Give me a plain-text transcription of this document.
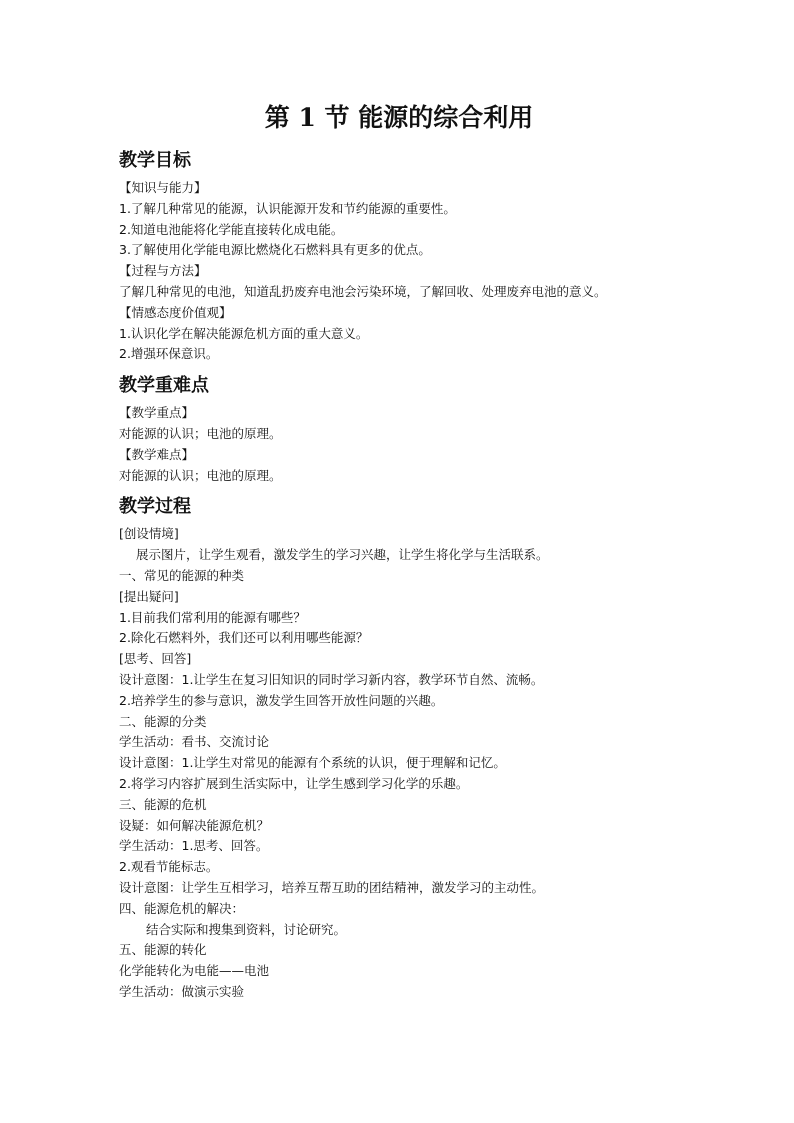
第 1 节 能源的综合利用
教学目标
【知识与能力】
1.了解几种常见的能源，认识能源开发和节约能源的重要性。
2.知道电池能将化学能直接转化成电能。
3.了解使用化学能电源比燃烧化石燃料具有更多的优点。
【过程与方法】
了解几种常见的电池，知道乱扔废弃电池会污染环境，了解回收、处理废弃电池的意义。
【情感态度价值观】
1.认识化学在解决能源危机方面的重大意义。
2.增强环保意识。
教学重难点
【教学重点】
对能源的认识；电池的原理。
【教学难点】
对能源的认识；电池的原理。
教学过程
[创设情境]
展示图片，让学生观看，激发学生的学习兴趣，让学生将化学与生活联系。
一、常见的能源的种类
[提出疑问]
1.目前我们常利用的能源有哪些？
2.除化石燃料外，我们还可以利用哪些能源？
[思考、回答]
设计意图：1.让学生在复习旧知识的同时学习新内容，教学环节自然、流畅。
2.培养学生的参与意识，激发学生回答开放性问题的兴趣。
二、能源的分类
学生活动：看书、交流讨论
设计意图：1.让学生对常见的能源有个系统的认识，便于理解和记忆。
2.将学习内容扩展到生活实际中，让学生感到学习化学的乐趣。
三、能源的危机
设疑：如何解决能源危机？
学生活动：1.思考、回答。
2.观看节能标志。
设计意图：让学生互相学习，培养互帮互助的团结精神，激发学习的主动性。
四、能源危机的解决：
结合实际和搜集到资料，讨论研究。
五、能源的转化
化学能转化为电能——电池
学生活动：做演示实验
